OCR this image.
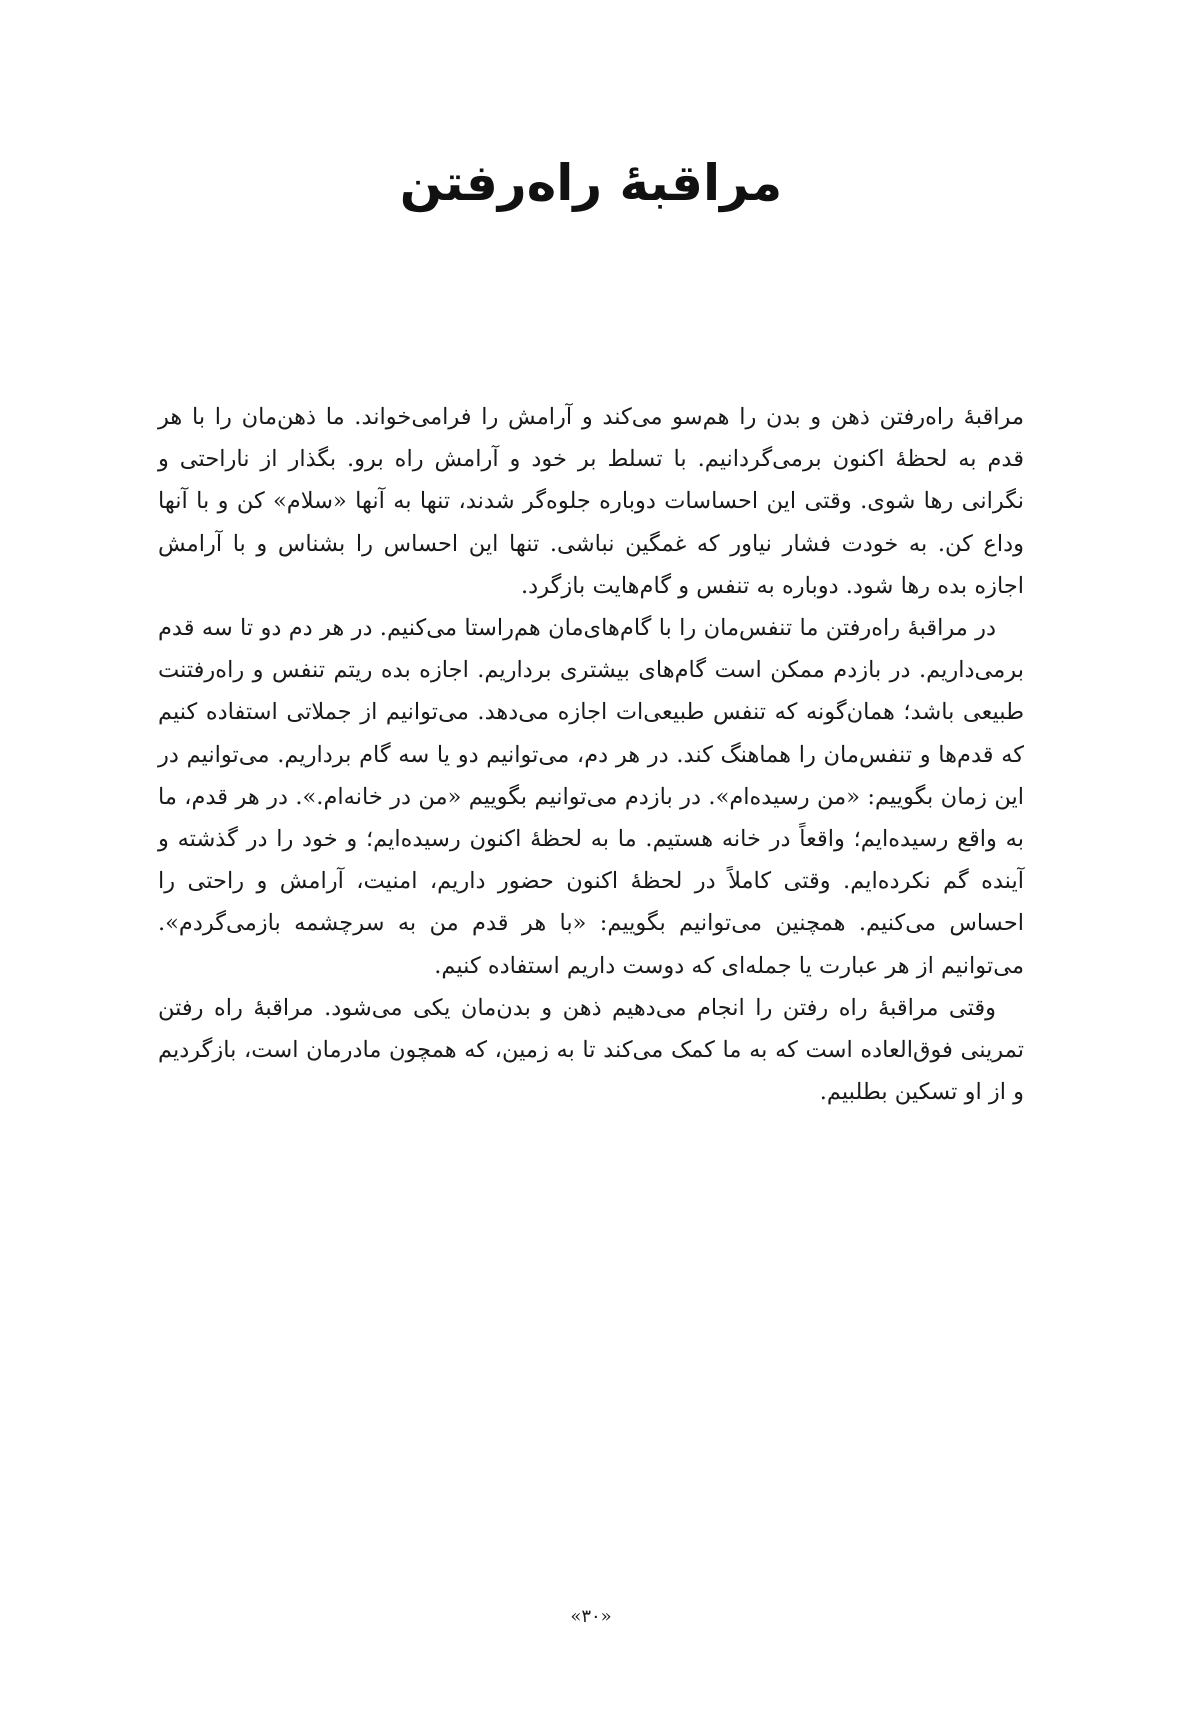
مراقبهٔ راه‌رفتن

مراقبهٔ راه‌رفتن ذهن و بدن را هم‌سو می‌کند و آرامش را فرامی‌خواند. ما ذهن‌مان را با هر قدم به لحظهٔ اکنون برمی‌گردانیم. با تسلط بر خود و آرامش راه برو. بگذار از ناراحتی و نگرانی رها شوی. وقتی این احساسات دوباره جلوه‌گر شدند، تنها به آنها «سلام» کن و با آنها وداع کن. به خودت فشار نیاور که غمگین نباشی. تنها این احساس را بشناس و با آرامش اجازه بده رها شود. دوباره به تنفس و گام‌هایت بازگرد.

در مراقبهٔ راه‌رفتن ما تنفس‌مان را با گام‌های‌مان هم‌راستا می‌کنیم. در هر دم دو تا سه قدم برمی‌داریم. در بازدم ممکن است گام‌های بیشتری برداریم. اجازه بده ریتم تنفس و راه‌رفتنت طبیعی باشد؛ همان‌گونه که تنفس طبیعی‌ات اجازه می‌دهد. می‌توانیم از جملاتی استفاده کنیم که قدم‌ها و تنفس‌مان را هماهنگ کند. در هر دم، می‌توانیم دو یا سه گام برداریم. می‌توانیم در این زمان بگوییم: «من رسیده‌ام». در بازدم می‌توانیم بگوییم «من در خانه‌ام.». در هر قدم، ما به واقع رسیده‌ایم؛ واقعاً در خانه هستیم. ما به لحظهٔ اکنون رسیده‌ایم؛ و خود را در گذشته و آینده گم نکرده‌ایم. وقتی کاملاً در لحظهٔ اکنون حضور داریم، امنیت، آرامش و راحتی را احساس می‌کنیم. همچنین می‌توانیم بگوییم: «با هر قدم من به سرچشمه بازمی‌گردم». می‌توانیم از هر عبارت یا جمله‌ای که دوست داریم استفاده کنیم.

وقتی مراقبهٔ راه رفتن را انجام می‌دهیم ذهن و بدن‌مان یکی می‌شود. مراقبهٔ راه رفتن تمرینی فوق‌العاده است که به ما کمک می‌کند تا به زمین، که همچون مادرمان است، بازگردیم و از او تسکین بطلبیم.

«۳۰»
